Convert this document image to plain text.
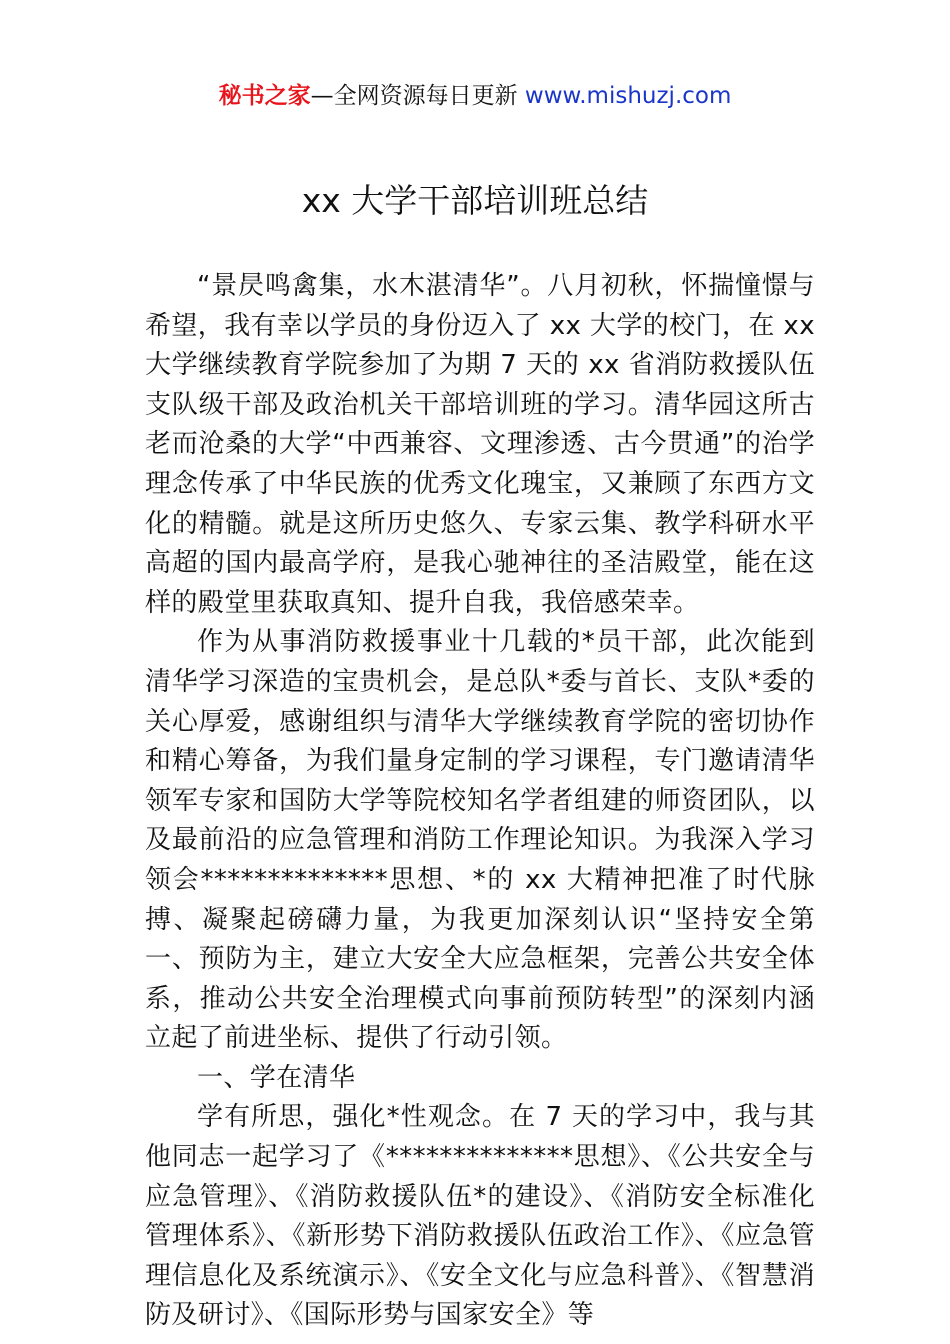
秘书之家—全网资源每日更新 www.mishuzj.com
xx 大学干部培训班总结

“景昃鸣禽集，水木湛清华”。八月初秋，怀揣憧憬与希望，我有幸以学员的身份迈入了 xx 大学的校门，在 xx 大学继续教育学院参加了为期 7 天的 xx 省消防救援队伍支队级干部及政治机关干部培训班的学习。清华园这所古老而沧桑的大学“中西兼容、文理渗透、古今贯通”的治学理念传承了中华民族的优秀文化瑰宝，又兼顾了东西方文化的精髓。就是这所历史悠久、专家云集、教学科研水平高超的国内最高学府，是我心驰神往的圣洁殿堂，能在这样的殿堂里获取真知、提升自我，我倍感荣幸。

作为从事消防救援事业十几载的*员干部，此次能到清华学习深造的宝贵机会，是总队*委与首长、支队*委的关心厚爱，感谢组织与清华大学继续教育学院的密切协作和精心筹备，为我们量身定制的学习课程，专门邀请清华领军专家和国防大学等院校知名学者组建的师资团队，以及最前沿的应急管理和消防工作理论知识。为我深入学习领会**************思想、*的 xx 大精神把准了时代脉搏、凝聚起磅礴力量，为我更加深刻认识“坚持安全第一、预防为主，建立大安全大应急框架，完善公共安全体系，推动公共安全治理模式向事前预防转型”的深刻内涵立起了前进坐标、提供了行动引领。

一、学在清华

学有所思，强化*性观念。在 7 天的学习中，我与其他同志一起学习了《**************思想》、《公共安全与应急管理》、《消防救援队伍*的建设》、《消防安全标准化管理体系》、《新形势下消防救援队伍政治工作》、《应急管理信息化及系统演示》、《安全文化与应急科普》、《智慧消防及研讨》、《国际形势与国家安全》等
